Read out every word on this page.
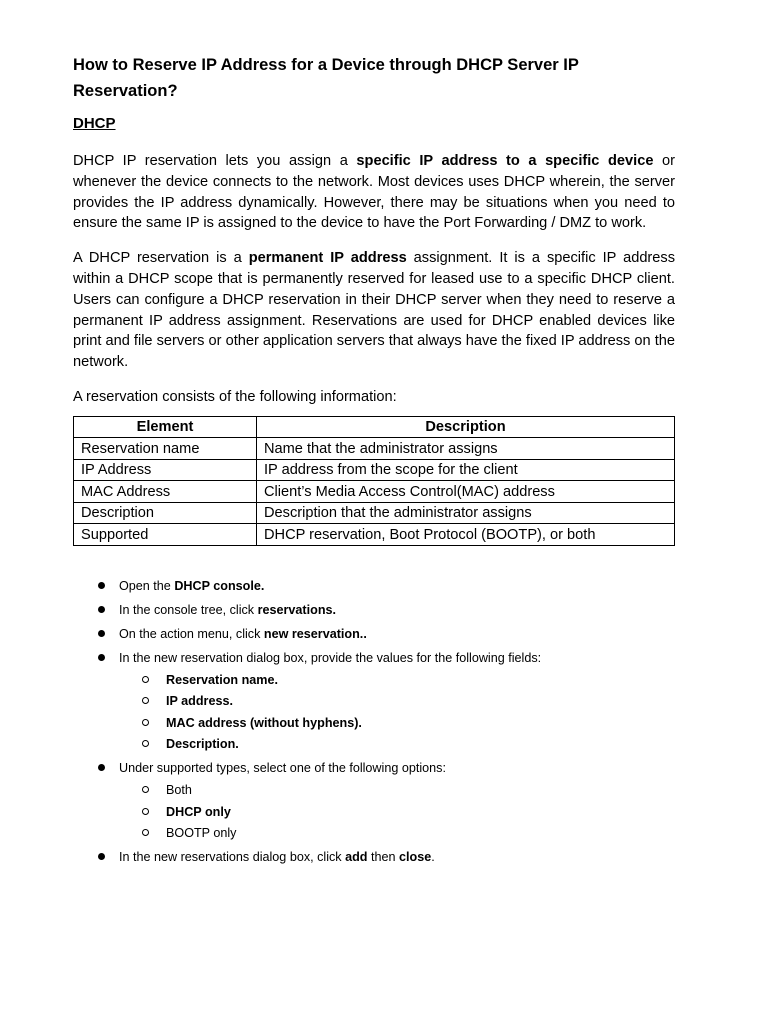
How to Reserve IP Address for a Device through DHCP Server IP Reservation?
DHCP

DHCP IP reservation lets you assign a specific IP address to a specific device or whenever the device connects to the network. Most devices uses DHCP wherein, the server provides the IP address dynamically. However, there may be situations when you need to ensure the same IP is assigned to the device to have the Port Forwarding / DMZ to work.

A DHCP reservation is a permanent IP address assignment. It is a specific IP address within a DHCP scope that is permanently reserved for leased use to a specific DHCP client. Users can configure a DHCP reservation in their DHCP server when they need to reserve a permanent IP address assignment. Reservations are used for DHCP enabled devices like print and file servers or other application servers that always have the fixed IP address on the network.

A reservation consists of the following information:

Element	Description
Reservation name	Name that the administrator assigns
IP Address	IP address from the scope for the client
MAC Address	Client’s Media Access Control(MAC) address
Description	Description that the administrator assigns
Supported	DHCP reservation, Boot Protocol (BOOTP), or both
Open the DHCP console.
In the console tree, click reservations.
On the action menu, click new reservation..
In the new reservation dialog box, provide the values for the following fields:
Reservation name.
IP address.
MAC address (without hyphens).
Description.
Under supported types, select one of the following options:
Both
DHCP only
BOOTP only
In the new reservations dialog box, click add then close.
